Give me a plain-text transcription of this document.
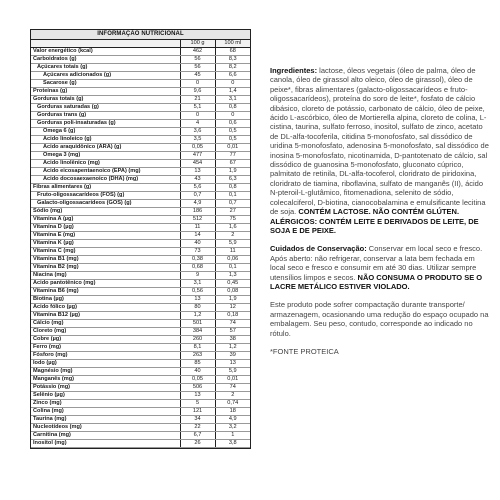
INFORMAÇÃO NUTRICIONAL
	100 g	100 ml
Valor energético (kcal)	462	68
Carboidratos (g)	56	8,3
Açúcares totais (g)	56	8,2
Açúcares adicionados (g)	45	6,6
Sacarose (g)	0	0
Proteínas (g)	9,6	1,4
Gorduras totais (g)	21	3,1
Gorduras saturadas (g)	5,1	0,8
Gorduras trans (g)	0	0
Gorduras poli-insaturadas (g)	4	0,6
Ômega 6 (g)	3,6	0,5
Ácido linoleico (g)	3,5	0,5
Ácido araquidônico (ARA) (g)	0,05	0,01
Ômega 3 (mg)	477	77
Ácido linolênico (mg)	454	67
Ácido eicosapentaenoico (EPA) (mg)	13	1,9
Ácido docosaexaenoico (DHA) (mg)	43	6,3
Fibras alimentares (g)	5,6	0,8
Fruto-oligossacarídeos (FOS) (g)	0,7	0,1
Galacto-oligossacarídeos (GOS) (g)	4,9	0,7
Sódio (mg)	186	27
Vitamina A (µg)	512	75
Vitamina D (µg)	11	1,6
Vitamina E (mg)	14	2
Vitamina K (µg)	40	5,9
Vitamina C (mg)	73	11
Vitamina B1 (mg)	0,38	0,06
Vitamina B2 (mg)	0,68	0,1
Niacina (mg)	9	1,3
Ácido pantotênico (mg)	3,1	0,45
Vitamina B6 (mg)	0,56	0,08
Biotina (µg)	13	1,9
Ácido fólico (µg)	80	12
Vitamina B12 (µg)	1,2	0,18
Cálcio (mg)	501	74
Cloreto (mg)	384	57
Cobre (µg)	260	38
Ferro (mg)	8,1	1,2
Fósforo (mg)	263	39
Iodo (µg)	85	13
Magnésio (mg)	40	5,9
Manganês (mg)	0,05	0,01
Potássio (mg)	506	74
Selênio (µg)	13	2
Zinco (mg)	5	0,74
Colina (mg)	121	18
Taurina (mg)	34	4,9
Nucleotídeos (mg)	22	3,2
Carnitina (mg)	6,7	1
Inositol (mg)	26	3,8

Ingredientes: lactose, óleos vegetais (óleo de palma, óleo de canola, óleo de girassol alto oleico, óleo de girassol), óleo de peixe*, fibras alimentares (galacto-oligossacarídeos e fruto-oligossacarídeos), proteína do soro de leite*, fosfato de cálcio dibásico, cloreto de potássio, carbonato de cálcio, óleo de peixe, ácido L-ascórbico, óleo de Mortierella alpina, cloreto de colina, L-cistina, taurina, sulfato ferroso, inositol, sulfato de zinco, acetato de DL-alfa-tocoferila, citidina 5-monofosfato, sal dissódico de uridina 5-monofosfato, adenosina 5-monofosfato, sal dissódico de inosina 5-monofosfato, nicotinamida, D-pantotenato de cálcio, sal dissódico de guanosina 5-monofosfato, gluconato cúprico, palmitato de retinila, DL-alfa-tocoferol, cloridrato de piridoxina, cloridrato de tiamina, riboflavina, sulfato de manganês (II), ácido N-pteroil-L-glutâmico, fitomenadiona, selenito de sódio, colecalciferol, D-biotina, cianocobalamina e emulsificante lecitina de soja. CONTÉM LACTOSE. NÃO CONTÉM GLÚTEN. ALÉRGICOS: CONTÉM LEITE E DERIVADOS DE LEITE, DE SOJA E DE PEIXE.

Cuidados de Conservação: Conservar em local seco e fresco. Após aberto: não refrigerar, conservar a lata bem fechada em local seco e fresco e consumir em até 30 dias. Utilizar sempre utensílios limpos e secos. NÃO CONSUMA O PRODUTO SE O LACRE METÁLICO ESTIVER VIOLADO.

Este produto pode sofrer compactação durante transporte/ armazenagem, ocasionando uma redução do espaço ocupado na embalagem. Seu peso, contudo, corresponde ao indicado no rótulo.

*FONTE PROTEICA
